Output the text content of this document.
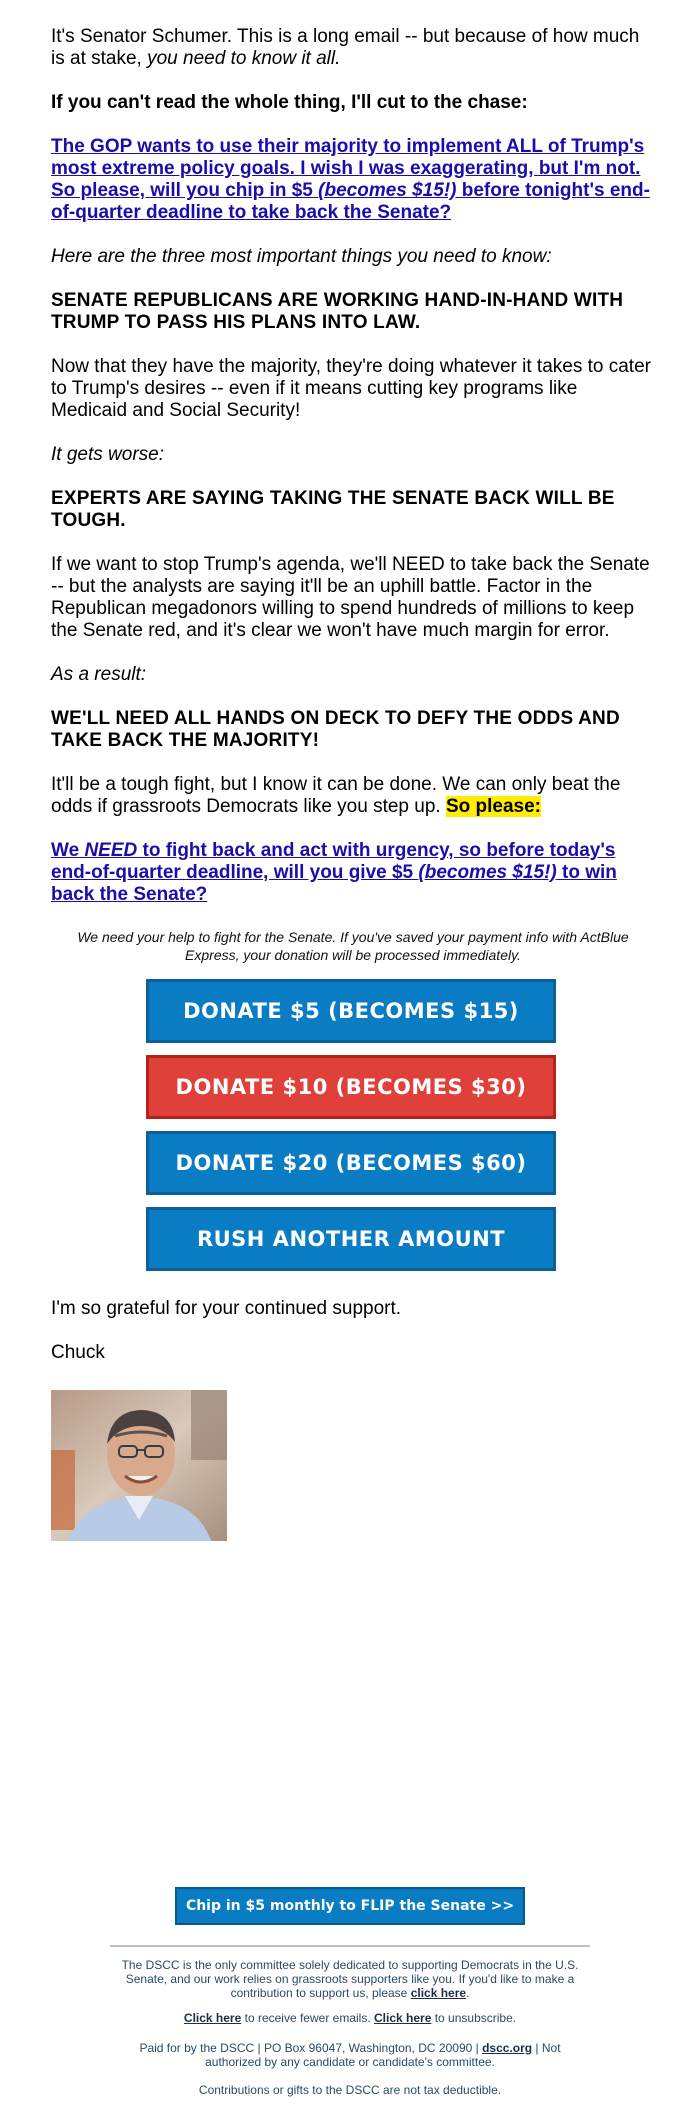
It's Senator Schumer. This is a long email -- but because of how much is at stake, you need to know it all.

If you can't read the whole thing, I'll cut to the chase:

The GOP wants to use their majority to implement ALL of Trump's most extreme policy goals. I wish I was exaggerating, but I'm not. So please, will you chip in $5 (becomes $15!) before tonight's end-of-quarter deadline to take back the Senate?

Here are the three most important things you need to know:

SENATE REPUBLICANS ARE WORKING HAND-IN-HAND WITH TRUMP TO PASS HIS PLANS INTO LAW.

Now that they have the majority, they're doing whatever it takes to cater to Trump's desires -- even if it means cutting key programs like Medicaid and Social Security!

It gets worse:

EXPERTS ARE SAYING TAKING THE SENATE BACK WILL BE TOUGH.

If we want to stop Trump's agenda, we'll NEED to take back the Senate -- but the analysts are saying it'll be an uphill battle. Factor in the Republican megadonors willing to spend hundreds of millions to keep the Senate red, and it's clear we won't have much margin for error.

As a result:

WE'LL NEED ALL HANDS ON DECK TO DEFY THE ODDS AND TAKE BACK THE MAJORITY!

It'll be a tough fight, but I know it can be done. We can only beat the odds if grassroots Democrats like you step up. So please:

We NEED to fight back and act with urgency, so before today's end-of-quarter deadline, will you give $5 (becomes $15!) to win back the Senate?

We need your help to fight for the Senate. If you've saved your payment info with ActBlue Express, your donation will be processed immediately.

DONATE $5 (BECOMES $15)
DONATE $10 (BECOMES $30)
DONATE $20 (BECOMES $60)
RUSH ANOTHER AMOUNT

I'm so grateful for your continued support.

Chuck

Chip in $5 monthly to FLIP the Senate >>
The DSCC is the only committee solely dedicated to supporting Democrats in the U.S. Senate, and our work relies on grassroots supporters like you. If you'd like to make a contribution to support us, please click here.
Click here to receive fewer emails. Click here to unsubscribe.
Paid for by the DSCC | PO Box 96047, Washington, DC 20090 | dscc.org | Not authorized by any candidate or candidate's committee.
Contributions or gifts to the DSCC are not tax deductible.
